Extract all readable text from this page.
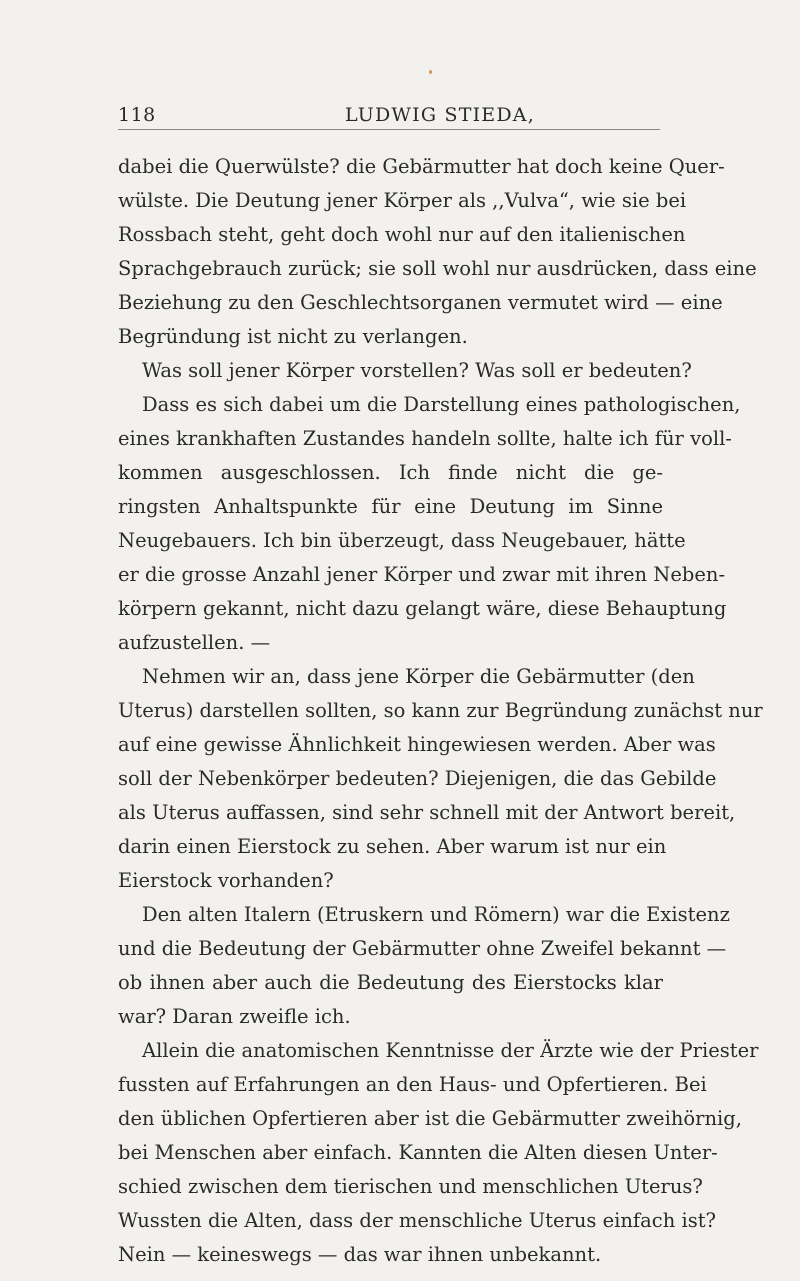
118	LUDWIG STIEDA,
dabei die Querwülste? die Gebärmutter hat doch keine Quer-
wülste. Die Deutung jener Körper als ,,Vulva“, wie sie bei
Rossbach steht, geht doch wohl nur auf den italienischen
Sprachgebrauch zurück; sie soll wohl nur ausdrücken, dass eine
Beziehung zu den Geschlechtsorganen vermutet wird — eine
Begründung ist nicht zu verlangen.
Was soll jener Körper vorstellen? Was soll er bedeuten?
Dass es sich dabei um die Darstellung eines pathologischen,
eines krankhaften Zustandes handeln sollte, halte ich für voll-
kommen ausgeschlossen. Ich finde nicht die ge-
ringsten Anhaltspunkte für eine Deutung im Sinne
Neugebauers. Ich bin überzeugt, dass Neugebauer, hätte
er die grosse Anzahl jener Körper und zwar mit ihren Neben-
körpern gekannt, nicht dazu gelangt wäre, diese Behauptung
aufzustellen. —
Nehmen wir an, dass jene Körper die Gebärmutter (den
Uterus) darstellen sollten, so kann zur Begründung zunächst nur
auf eine gewisse Ähnlichkeit hingewiesen werden. Aber was
soll der Nebenkörper bedeuten? Diejenigen, die das Gebilde
als Uterus auffassen, sind sehr schnell mit der Antwort bereit,
darin einen Eierstock zu sehen. Aber warum ist nur ein
Eierstock vorhanden?
Den alten Italern (Etruskern und Römern) war die Existenz
und die Bedeutung der Gebärmutter ohne Zweifel bekannt —
ob ihnen aber auch die Bedeutung des Eierstocks klar
war? Daran zweifle ich.
Allein die anatomischen Kenntnisse der Ärzte wie der Priester
fussten auf Erfahrungen an den Haus- und Opfertieren. Bei
den üblichen Opfertieren aber ist die Gebärmutter zweihörnig,
bei Menschen aber einfach. Kannten die Alten diesen Unter-
schied zwischen dem tierischen und menschlichen Uterus?
Wussten die Alten, dass der menschliche Uterus einfach ist?
Nein — keineswegs — das war ihnen unbekannt.
